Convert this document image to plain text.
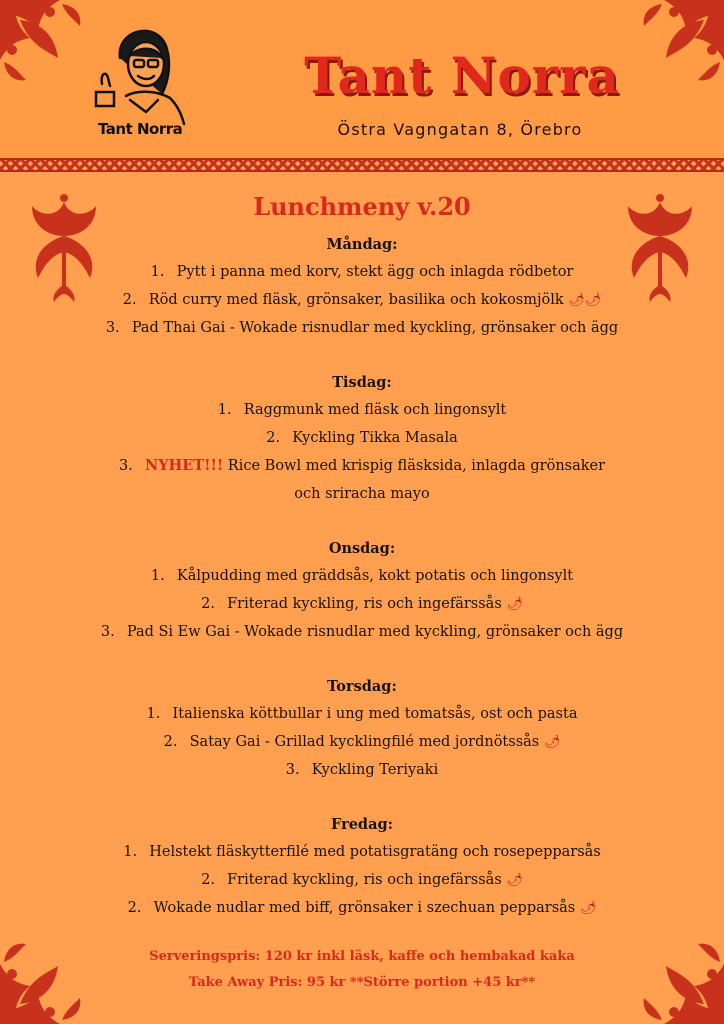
Tant Norra
Tant Norra
Östra Vagngatan 8, Örebro
Lunchmeny v.20
Måndag:
1. Pytt i panna med korv, stekt ägg och inlagda rödbetor
2. Röd curry med fläsk, grönsaker, basilika och kokosmjölk 🌶🌶
3. Pad Thai Gai - Wokade risnudlar med kyckling, grönsaker och ägg
Tisdag:
1. Raggmunk med fläsk och lingonsylt
2. Kyckling Tikka Masala
3. NYHET!!! Rice Bowl med krispig fläsksida, inlagda grönsaker och sriracha mayo
Onsdag:
1. Kålpudding med gräddsås, kokt potatis och lingonsylt
2. Friterad kyckling, ris och ingefärssås 🌶
3. Pad Si Ew Gai - Wokade risnudlar med kyckling, grönsaker och ägg
Torsdag:
1. Italienska köttbullar i ung med tomatsås, ost och pasta
2. Satay Gai - Grillad kycklingfilé med jordnötssås 🌶
3. Kyckling Teriyaki
Fredag:
1. Helstekt fläskytterfilé med potatisgratäng och rosepepparsås
2. Friterad kyckling, ris och ingefärssås 🌶
2. Wokade nudlar med biff, grönsaker i szechuan pepparsås 🌶
Serveringspris: 120 kr inkl läsk, kaffe och hembakad kaka
Take Away Pris: 95 kr **Större portion +45 kr**
